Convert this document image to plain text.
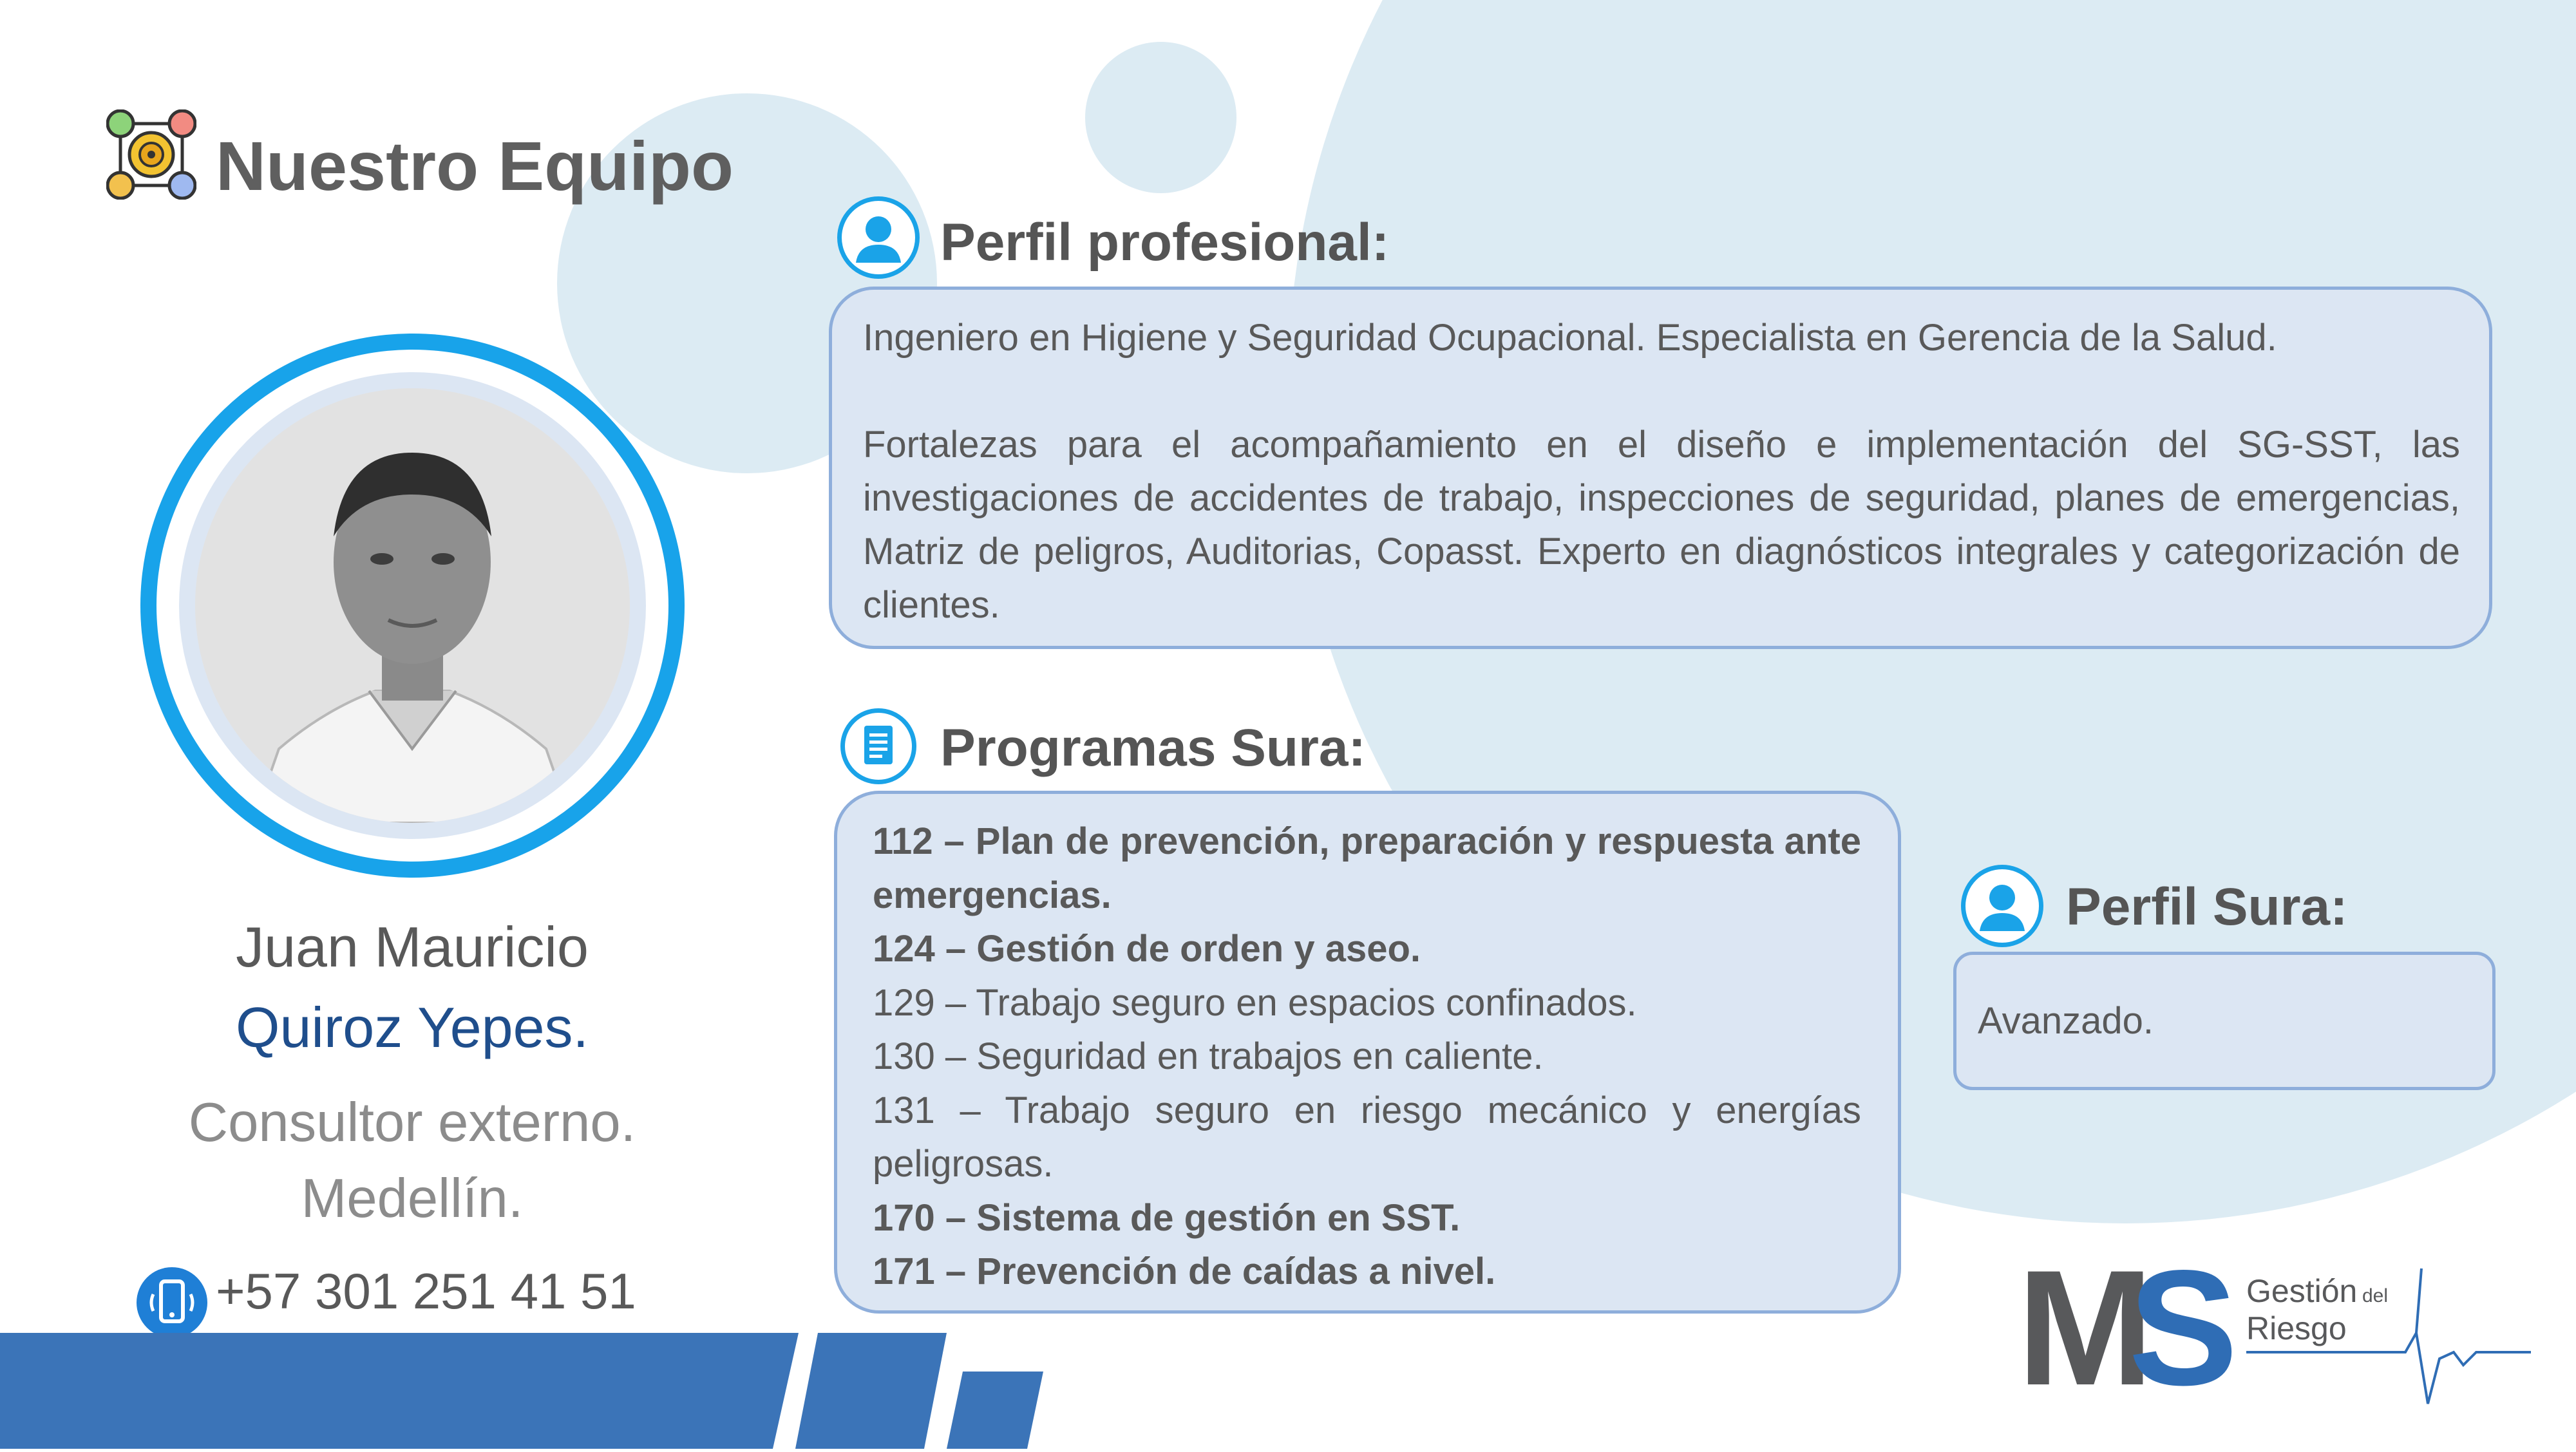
Nuestro Equipo
Juan Mauricio
Quiroz Yepes.
Consultor externo.
Medellín.
+57 301 251 41 51
Perfil profesional:
Ingeniero en Higiene y Seguridad Ocupacional. Especialista en Gerencia de la Salud.
Fortalezas para el acompañamiento en el diseño e implementación del SG-SST, las investigaciones de accidentes de trabajo, inspecciones de seguridad, planes de emergencias, Matriz de peligros, Auditorias, Copasst. Experto en diagnósticos integrales y categorización de clientes.
Programas Sura:
112 – Plan de prevención, preparación y respuesta ante emergencias.
124 – Gestión de orden y aseo.
129 – Trabajo seguro en espacios confinados.
130 – Seguridad en trabajos en caliente.
131 – Trabajo seguro en riesgo mecánico y energías peligrosas.
170 – Sistema de gestión en SST.
171 – Prevención de caídas a nivel.
Perfil Sura:
Avanzado.
M
S Gestión del
Riesgo
